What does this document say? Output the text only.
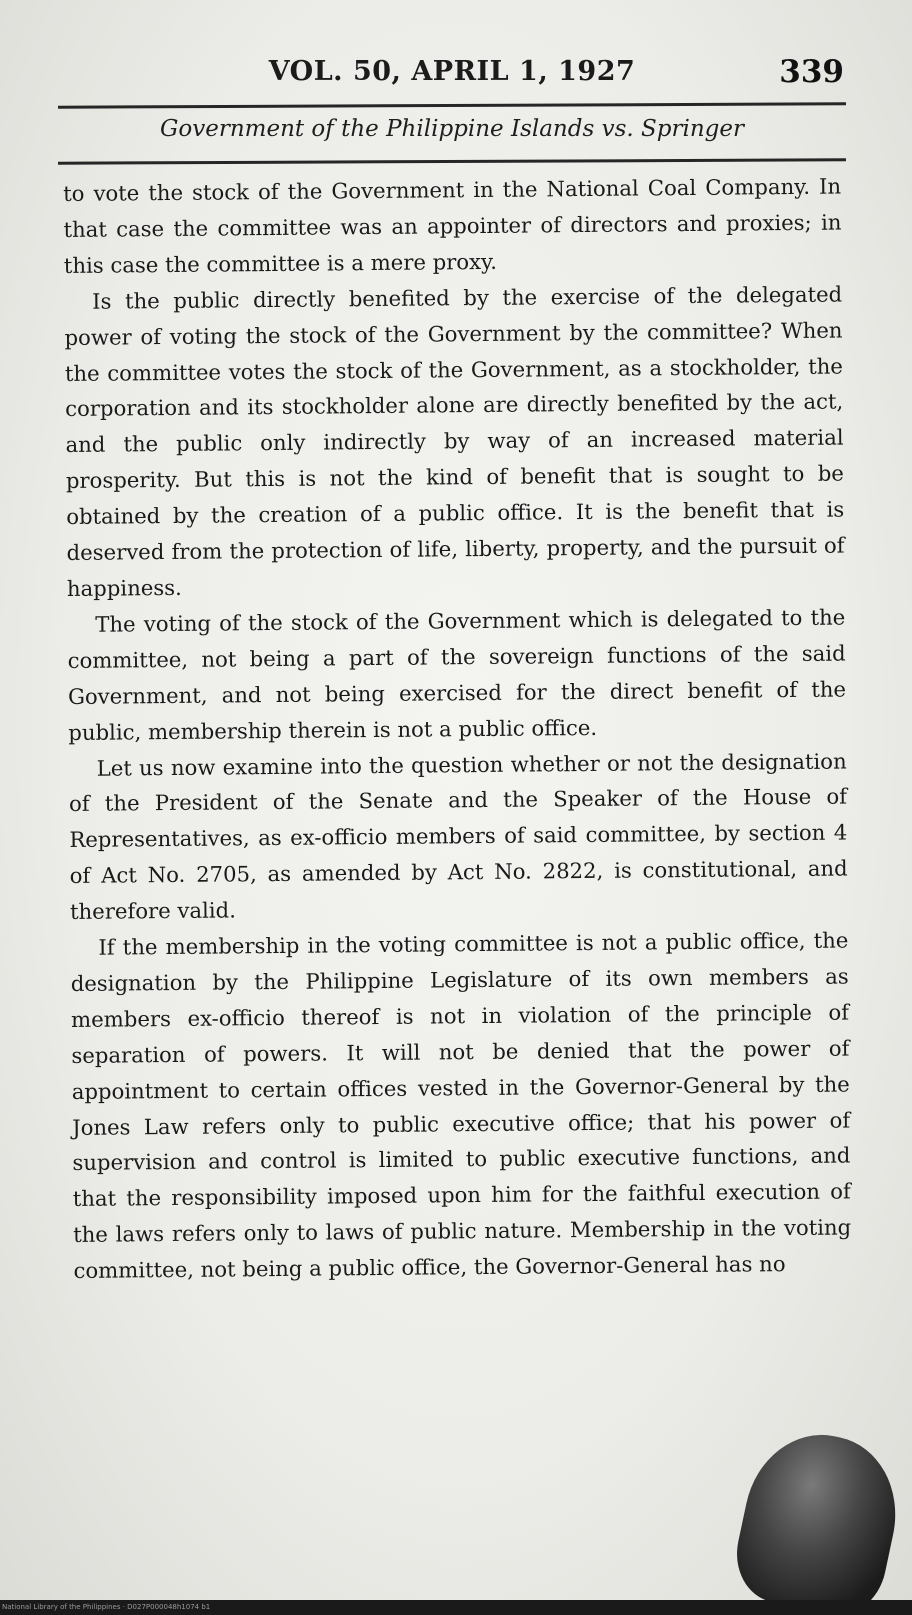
VOL. 50, APRIL 1, 1927	339
Government of the Philippine Islands vs. Springer

to vote the stock of the Government in the National Coal Company. In that case the committee was an appointer of directors and proxies; in this case the committee is a mere proxy.

Is the public directly benefited by the exercise of the delegated power of voting the stock of the Government by the committee? When the committee votes the stock of the Government, as a stockholder, the corporation and its stockholder alone are directly benefited by the act, and the public only indirectly by way of an increased material prosperity. But this is not the kind of benefit that is sought to be obtained by the creation of a public office. It is the benefit that is deserved from the protection of life, liberty, property, and the pursuit of happiness.

The voting of the stock of the Government which is delegated to the committee, not being a part of the sovereign functions of the said Government, and not being exercised for the direct benefit of the public, membership therein is not a public office.

Let us now examine into the question whether or not the designation of the President of the Senate and the Speaker of the House of Representatives, as ex-officio members of said committee, by section 4 of Act No. 2705, as amended by Act No. 2822, is constitutional, and therefore valid.

If the membership in the voting committee is not a public office, the designation by the Philippine Legislature of its own members as members ex-officio thereof is not in violation of the principle of separation of powers. It will not be denied that the power of appointment to certain offices vested in the Governor-General by the Jones Law refers only to public executive office; that his power of supervision and control is limited to public executive functions, and that the responsibility imposed upon him for the faithful execution of the laws refers only to laws of public nature. Membership in the voting committee, not being a public office, the Governor-General has no

National Library of the Philippines · D027P000048h1074 b1
